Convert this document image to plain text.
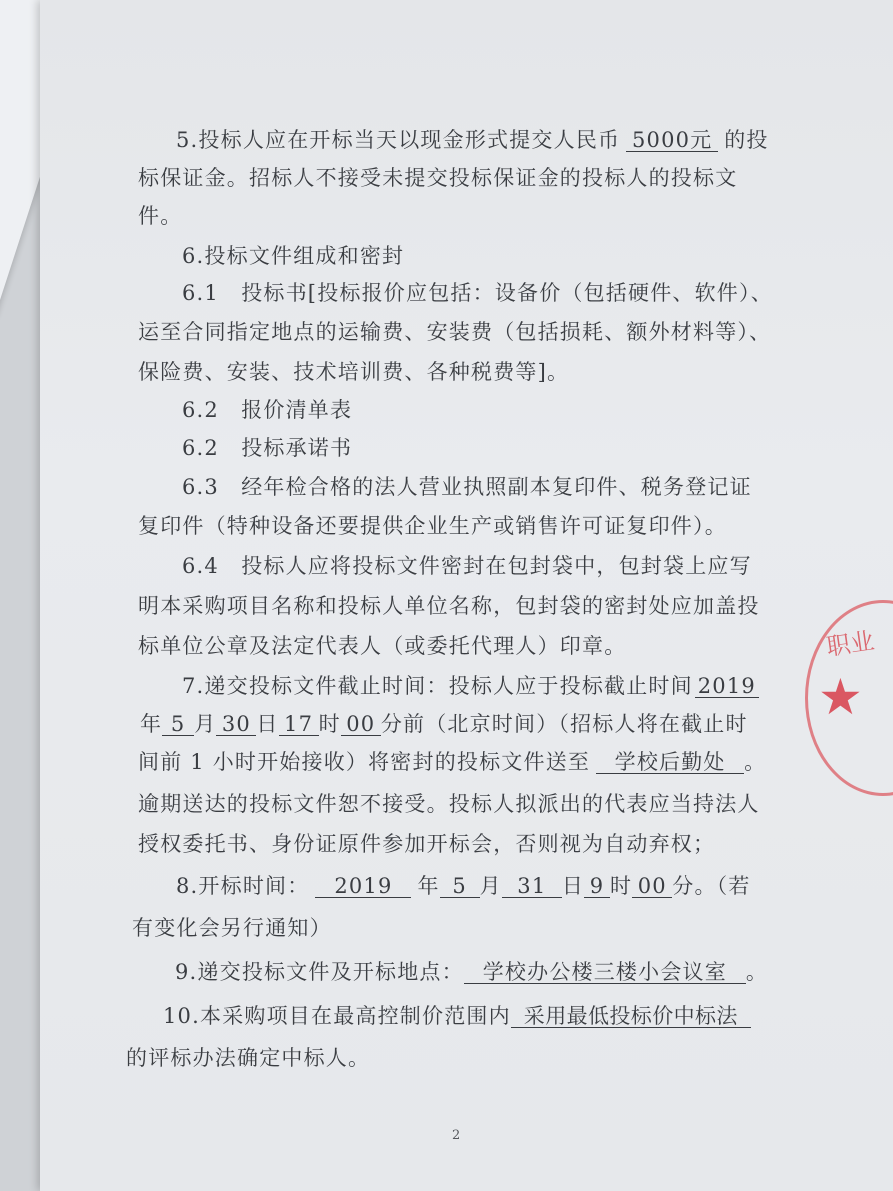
5.投标人应在开标当天以现金形式提交人民币 5000元 的投
标保证金。招标人不接受未提交投标保证金的投标人的投标文
件。
6.投标文件组成和密封
6.1　投标书[投标报价应包括：设备价（包括硬件、软件）、
运至合同指定地点的运输费、安装费（包括损耗、额外材料等）、
保险费、安装、技术培训费、各种税费等]。
6.2　报价清单表
6.2　投标承诺书
6.3　经年检合格的法人营业执照副本复印件、税务登记证
复印件（特种设备还要提供企业生产或销售许可证复印件）。
6.4　投标人应将投标文件密封在包封袋中，包封袋上应写
明本采购项目名称和投标人单位名称，包封袋的密封处应加盖投
标单位公章及法定代表人（或委托代理人）印章。
7.递交投标文件截止时间：投标人应于投标截止时间 2019
年 5 月 30 日 17 时 00 分前（北京时间）（招标人将在截止时
间前 1 小时开始接收）将密封的投标文件送至 学校后勤处 。
逾期送达的投标文件恕不接受。投标人拟派出的代表应当持法人
授权委托书、身份证原件参加开标会，否则视为自动弃权；
8.开标时间： 2019 年 5 月 31 日 9 时 00 分。（若
有变化会另行通知）
9.递交投标文件及开标地点： 学校办公楼三楼小会议室 。
10.本采购项目在最高控制价范围内 采用最低投标价中标法
的评标办法确定中标人。
2
职业
★
